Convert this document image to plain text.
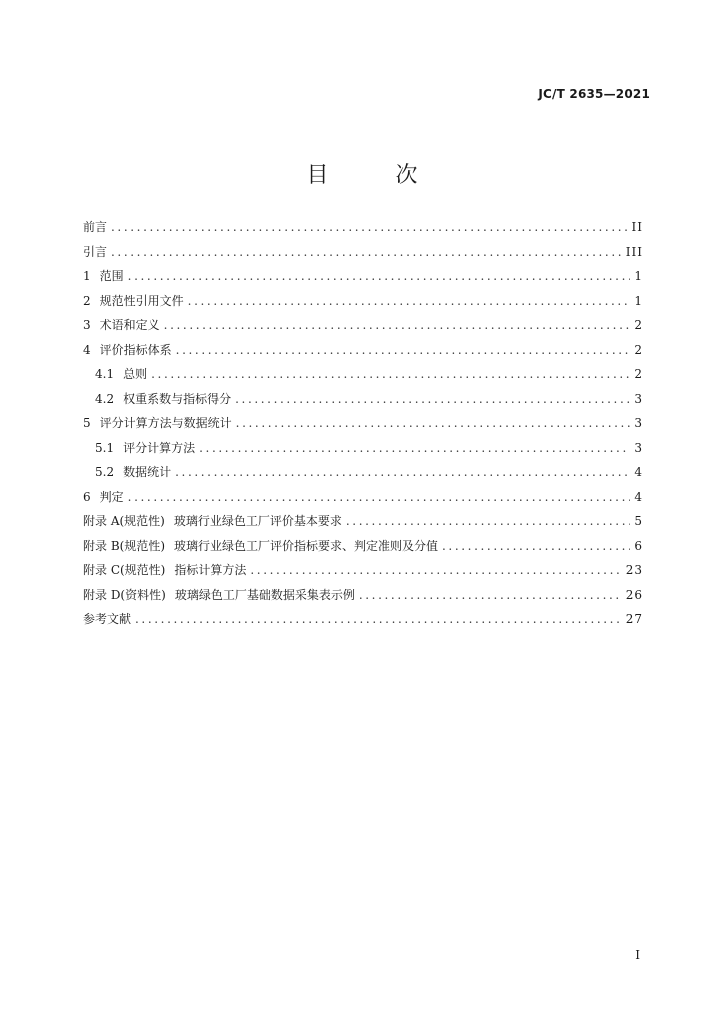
JC/T 2635—2021
目 次
前言 .....	II
引言 .....	III
1 范围 .....	1
2 规范性引用文件 .....	1
3 术语和定义 .....	2
4 评价指标体系 .....	2
4.1 总则 .....	2
4.2 权重系数与指标得分 .....	3
5 评分计算方法与数据统计 .....	3
5.1 评分计算方法 .....	3
5.2 数据统计 .....	4
6 判定 .....	4
附录 A(规范性) 玻璃行业绿色工厂评价基本要求 .....	5
附录 B(规范性) 玻璃行业绿色工厂评价指标要求、判定准则及分值 .....	6
附录 C(规范性) 指标计算方法 .....	23
附录 D(资料性) 玻璃绿色工厂基础数据采集表示例 .....	26
参考文献 .....	27
I
